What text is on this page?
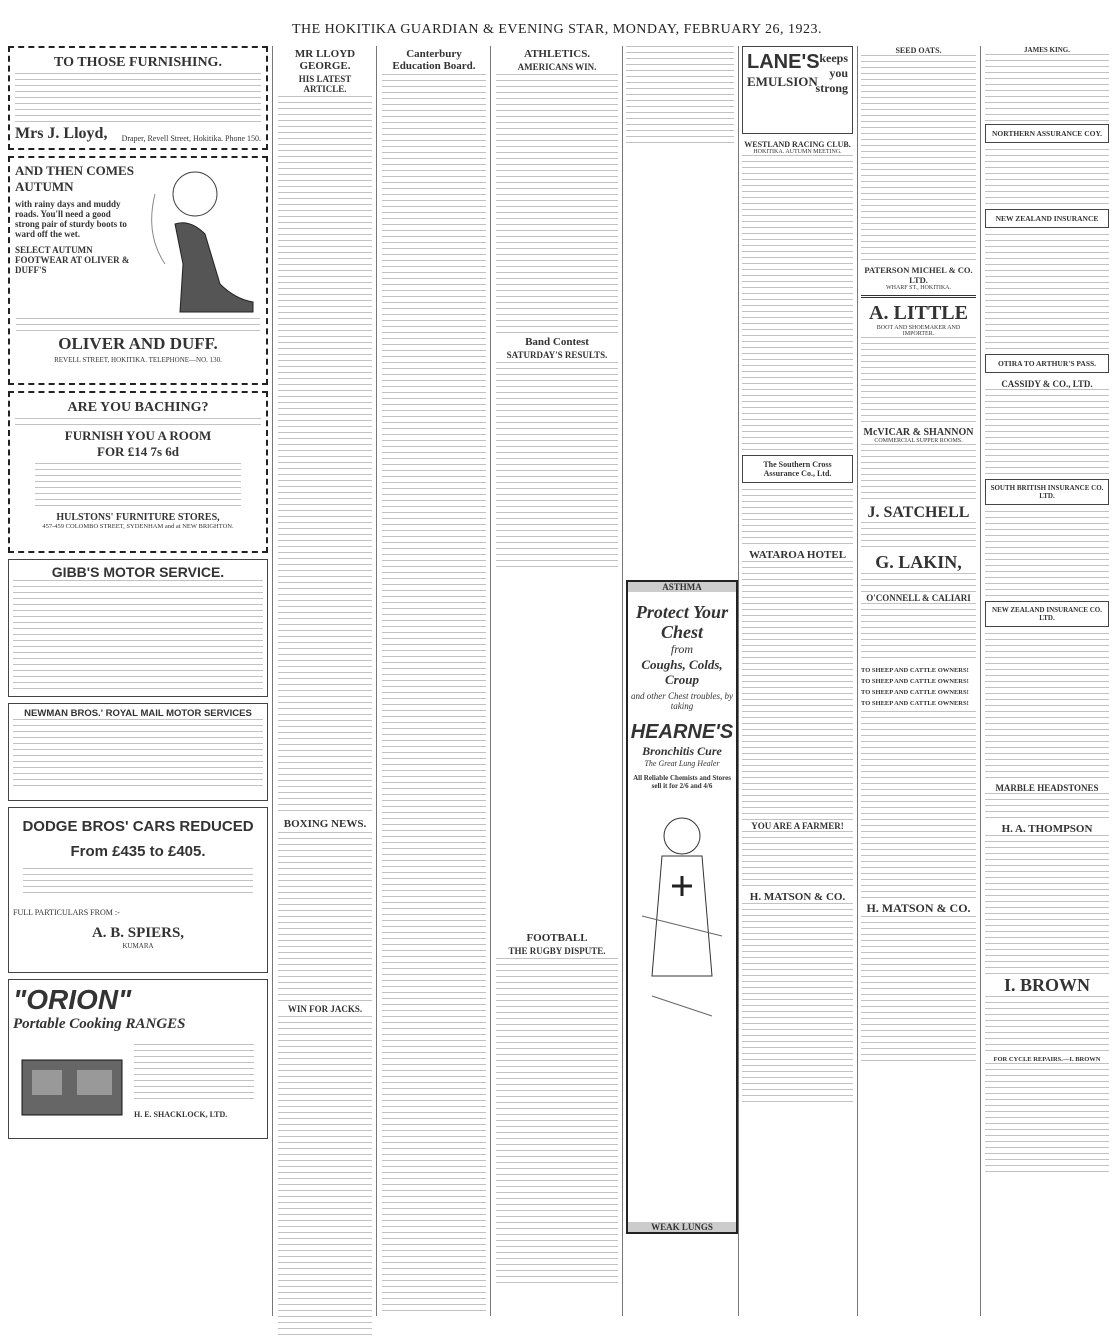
THE HOKITIKA GUARDIAN & EVENING STAR, MONDAY, FEBRUARY 26, 1923.
TO THOSE FURNISHING.
Mrs J. Lloyd, Draper, Revell Street, Hokitika. Phone 150.
AND THEN COMES AUTUMN
with rainy days and muddy roads. You'll need a good strong pair of sturdy boots to ward off the wet.
SELECT AUTUMN FOOTWEAR AT OLIVER & DUFF'S
OLIVER AND DUFF.
REVELL STREET, HOKITIKA. TELEPHONE—NO. 130.
ARE YOU BACHING?
FURNISH YOU A ROOM
FOR £14 7s 6d
HULSTONS' FURNITURE STORES,
457-459 COLOMBO STREET, SYDENHAM and at NEW BRIGHTON.
GIBB'S MOTOR SERVICE.
NEWMAN BROS.' ROYAL MAIL MOTOR SERVICES
DODGE BROS' CARS REDUCED
From £435 to £405.
FULL PARTICULARS FROM :-
A. B. SPIERS,
KUMARA
"ORION"
Portable Cooking RANGES
H. E. SHACKLOCK, LTD.
MR LLOYD GEORGE.
HIS LATEST ARTICLE.
BOXING NEWS.
WIN FOR JACKS.
Canterbury Education Board.
ATHLETICS.
AMERICANS WIN.
Band Contest
SATURDAY'S RESULTS.
FOOTBALL
THE RUGBY DISPUTE.
ASTHMA
Protect Your Chest
from
Coughs, Colds, Croup
and other Chest troubles, by taking
HEARNE'S
Bronchitis Cure
The Great Lung Healer
All Reliable Chemists and Stores sell it for 2/6 and 4/6
WEAK LUNGS
LANE'S
EMULSION
keeps you strong
WESTLAND RACING CLUB.
HOKITIKA. AUTUMN MEETING.
The Southern Cross Assurance Co., Ltd.
WATAROA HOTEL
YOU ARE A FARMER!
H. MATSON & CO.
SEED OATS.
PATERSON MICHEL & CO. LTD.
WHARF ST., HOKITIKA.
A. LITTLE
BOOT AND SHOEMAKER AND IMPORTER.
McVICAR & SHANNON
COMMERCIAL SUPPER ROOMS.
J. SATCHELL
G. LAKIN,
O'CONNELL & CALIARI
TO SHEEP AND CATTLE OWNERS!
TO SHEEP AND CATTLE OWNERS!
TO SHEEP AND CATTLE OWNERS!
TO SHEEP AND CATTLE OWNERS!
H. MATSON & CO.
JAMES KING.
NORTHERN ASSURANCE COY.
NEW ZEALAND INSURANCE
OTIRA TO ARTHUR'S PASS.
CASSIDY & CO., LTD.
SOUTH BRITISH INSURANCE CO. LTD.
NEW ZEALAND INSURANCE CO. LTD.
MARBLE HEADSTONES
H. A. THOMPSON
I. BROWN
FOR CYCLE REPAIRS.—I. BROWN
